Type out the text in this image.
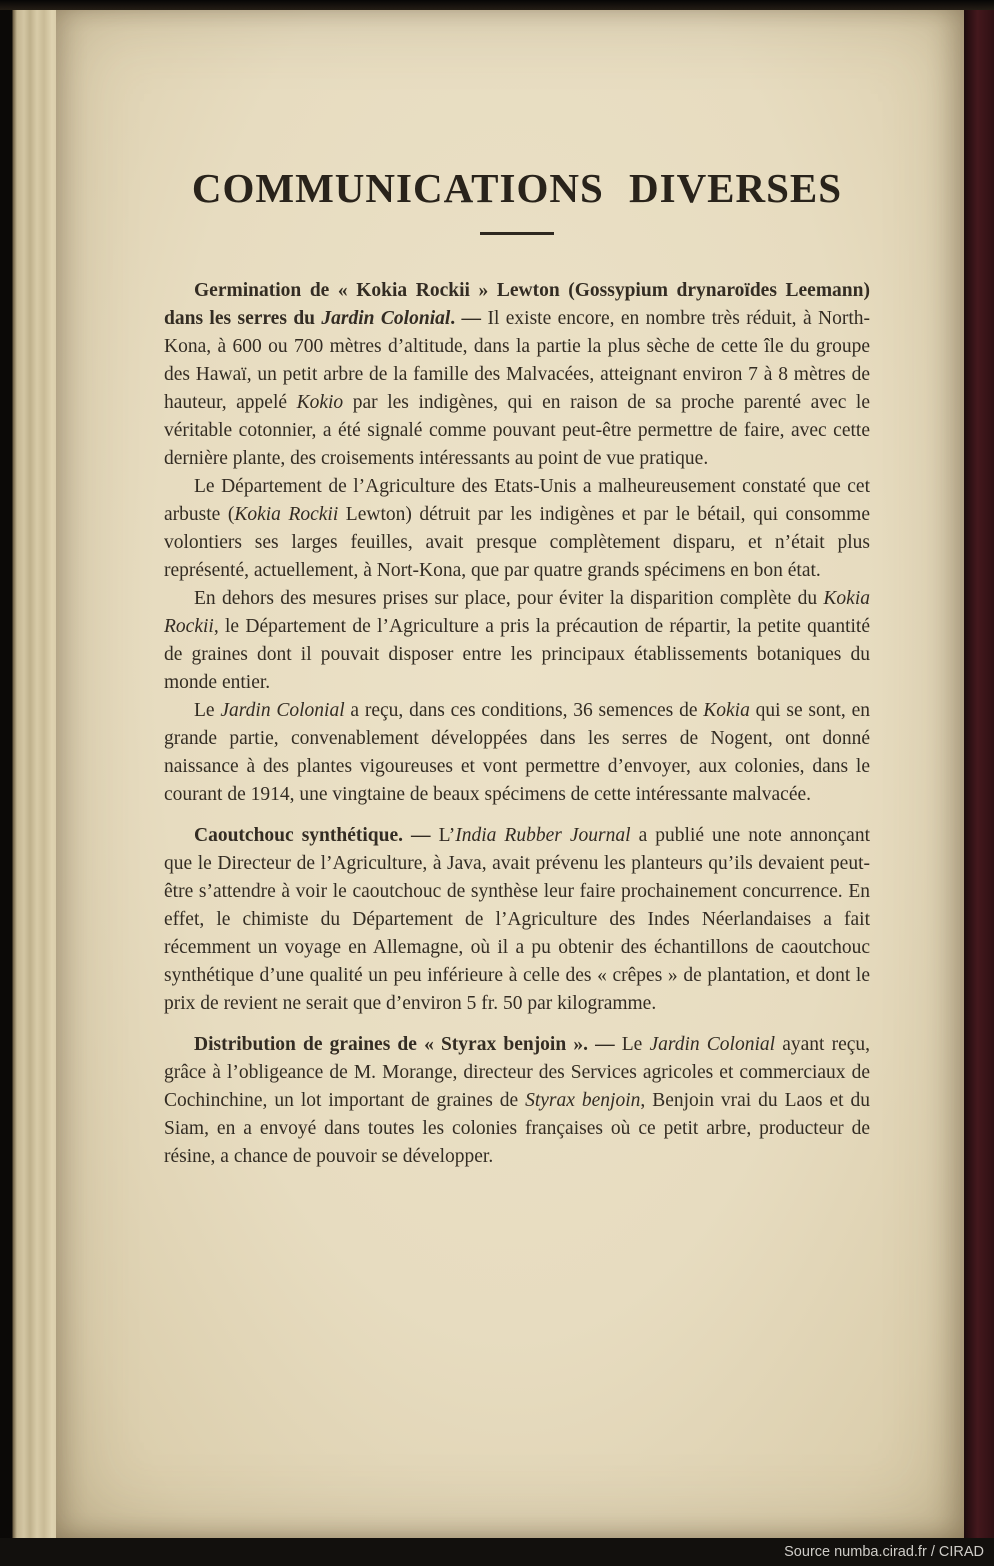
COMMUNICATIONS DIVERSES

Germination de « Kokia Rockii » Lewton (Gossypium drynaroïdes Leemann) dans les serres du Jardin Colonial. — Il existe encore, en nombre très réduit, à North-Kona, à 600 ou 700 mètres d’altitude, dans la partie la plus sèche de cette île du groupe des Hawaï, un petit arbre de la famille des Malvacées, atteignant environ 7 à 8 mètres de hauteur, appelé Kokio par les indigènes, qui en raison de sa proche parenté avec le véritable cotonnier, a été signalé comme pouvant peut-être permettre de faire, avec cette dernière plante, des croisements intéressants au point de vue pratique.

Le Département de l’Agriculture des Etats-Unis a malheureusement constaté que cet arbuste (Kokia Rockii Lewton) détruit par les indigènes et par le bétail, qui consomme volontiers ses larges feuilles, avait presque complètement disparu, et n’était plus représenté, actuellement, à Nort-Kona, que par quatre grands spécimens en bon état.

En dehors des mesures prises sur place, pour éviter la disparition complète du Kokia Rockii, le Département de l’Agriculture a pris la précaution de répartir, la petite quantité de graines dont il pouvait disposer entre les principaux établissements botaniques du monde entier.

Le Jardin Colonial a reçu, dans ces conditions, 36 semences de Kokia qui se sont, en grande partie, convenablement développées dans les serres de Nogent, ont donné naissance à des plantes vigoureuses et vont permettre d’envoyer, aux colonies, dans le courant de 1914, une vingtaine de beaux spécimens de cette intéressante malvacée.

Caoutchouc synthétique. — L’India Rubber Journal a publié une note annonçant que le Directeur de l’Agriculture, à Java, avait prévenu les planteurs qu’ils devaient peut-être s’attendre à voir le caoutchouc de synthèse leur faire prochainement concurrence. En effet, le chimiste du Département de l’Agriculture des Indes Néerlandaises a fait récemment un voyage en Allemagne, où il a pu obtenir des échantillons de caoutchouc synthétique d’une qualité un peu inférieure à celle des « crêpes » de plantation, et dont le prix de revient ne serait que d’environ 5 fr. 50 par kilogramme.

Distribution de graines de « Styrax benjoin ». — Le Jardin Colonial ayant reçu, grâce à l’obligeance de M. Morange, directeur des Services agricoles et commerciaux de Cochinchine, un lot important de graines de Styrax benjoin, Benjoin vrai du Laos et du Siam, en a envoyé dans toutes les colonies françaises où ce petit arbre, producteur de résine, a chance de pouvoir se développer.

Source numba.cirad.fr / CIRAD
